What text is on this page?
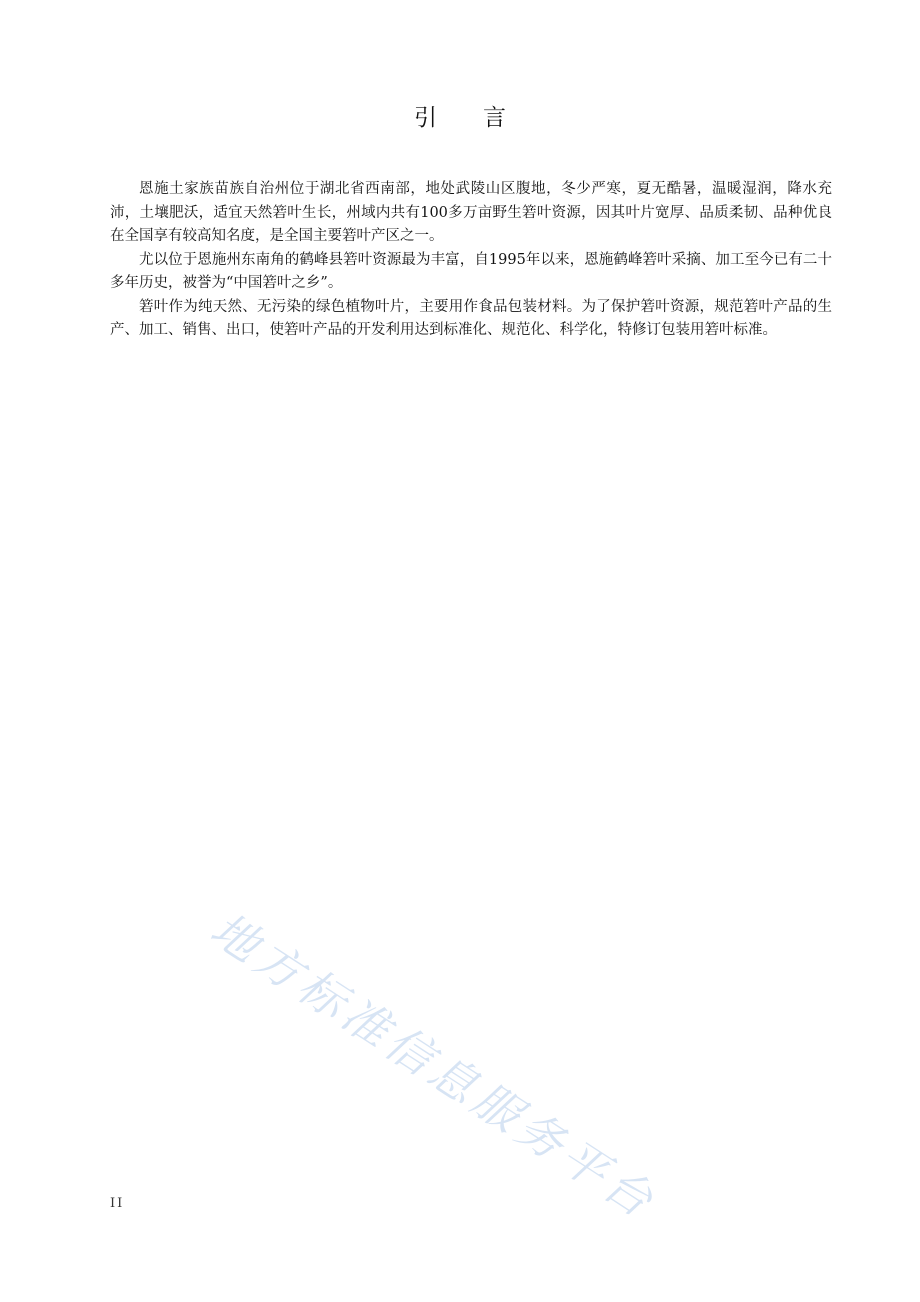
引　　言

恩施土家族苗族自治州位于湖北省西南部，地处武陵山区腹地，冬少严寒，夏无酷暑，温暖湿润，降水充沛，土壤肥沃，适宜天然箬叶生长，州域内共有100多万亩野生箬叶资源，因其叶片宽厚、品质柔韧、品种优良在全国享有较高知名度，是全国主要箬叶产区之一。

尤以位于恩施州东南角的鹤峰县箬叶资源最为丰富，自1995年以来，恩施鹤峰箬叶采摘、加工至今已有二十多年历史，被誉为“中国箬叶之乡”。

箬叶作为纯天然、无污染的绿色植物叶片，主要用作食品包装材料。为了保护箬叶资源，规范箬叶产品的生产、加工、销售、出口，使箬叶产品的开发利用达到标准化、规范化、科学化，特修订包装用箬叶标准。

地方标准信息服务平台
II
